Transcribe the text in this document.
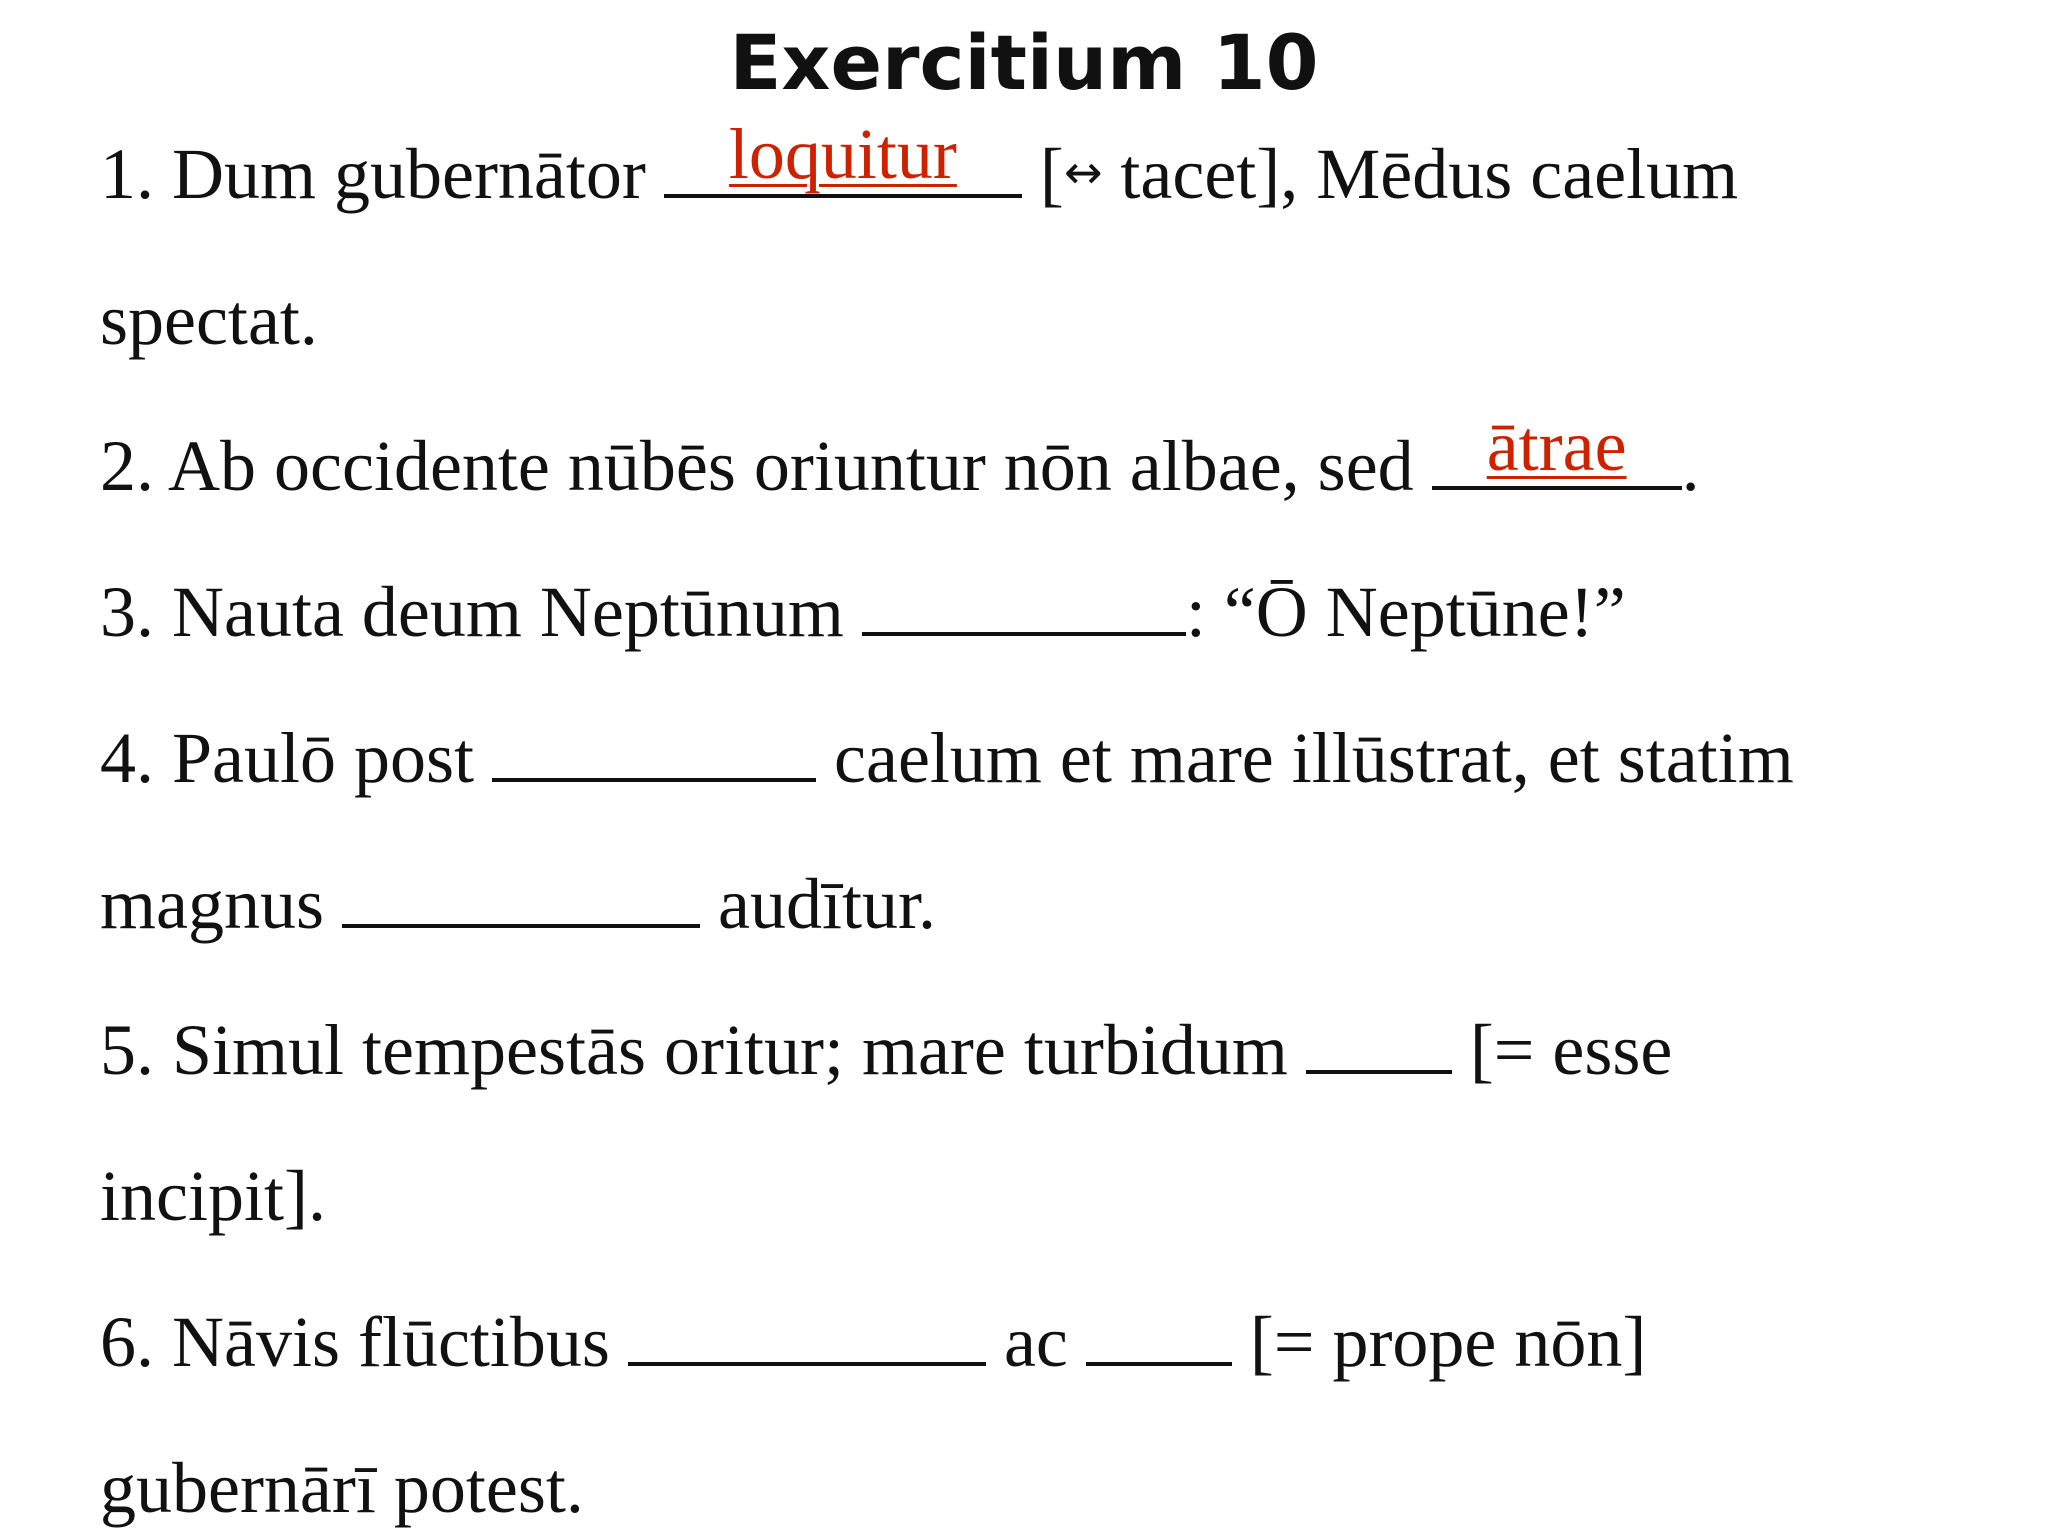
Exercitium 10
1. Dum gubernātor	loquitur	[↔ tacet], Mēdus caelum
spectat.
2. Ab occidente nūbēs oriuntur nōn albae, sed	ātrae .
3. Nauta deum Neptūnum	: “Ō Neptūne!”
4. Paulō post	caelum et mare illūstrat, et statim
magnus	audītur.
5. Simul tempestās oritur; mare turbidum	[= esse
incipit].
6. Nāvis flūctibus	ac	[= prope nōn]
gubernārī potest.
